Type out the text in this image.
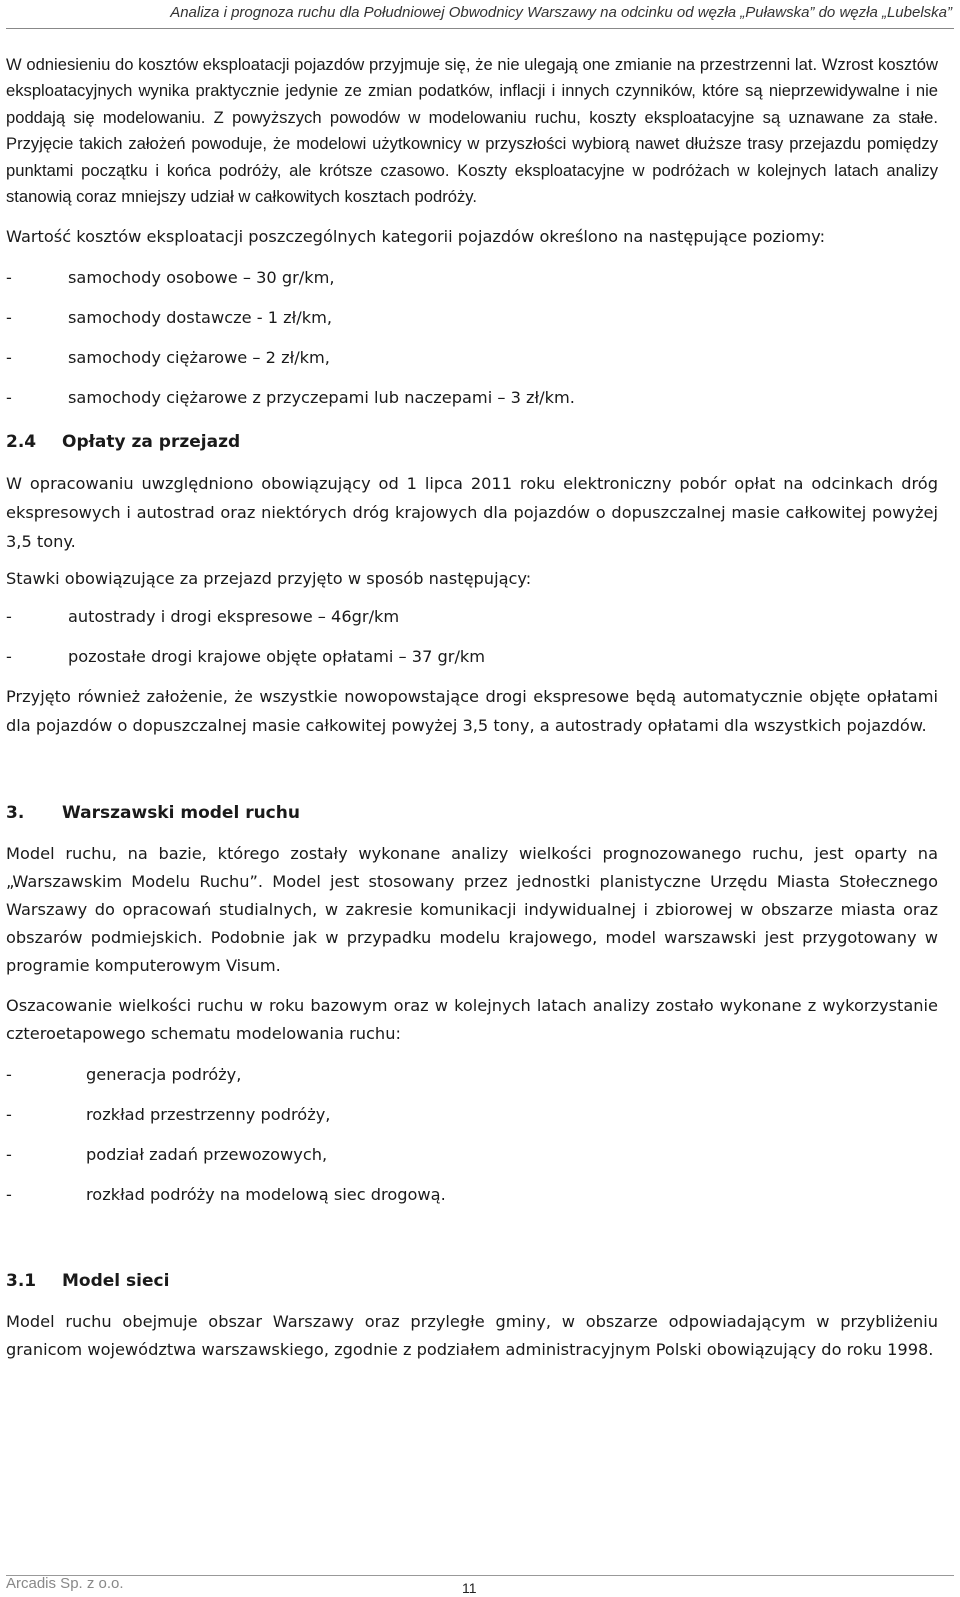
Analiza i prognoza ruchu dla Południowej Obwodnicy Warszawy na odcinku od węzła „Puławska” do węzła „Lubelska”

W odniesieniu do kosztów eksploatacji pojazdów przyjmuje się, że nie ulegają one zmianie na przestrzenni lat. Wzrost kosztów eksploatacyjnych wynika praktycznie jedynie ze zmian podatków, inflacji i innych czynników, które są nieprzewidywalne i nie poddają się modelowaniu. Z powyższych powodów w modelowaniu ruchu, koszty eksploatacyjne są uznawane za stałe. Przyjęcie takich założeń powoduje, że modelowi użytkownicy w przyszłości wybiorą nawet dłuższe trasy przejazdu pomiędzy punktami początku i końca podróży, ale krótsze czasowo. Koszty eksploatacyjne w podróżach w kolejnych latach analizy stanowią coraz mniejszy udział w całkowitych kosztach podróży.

Wartość kosztów eksploatacji poszczególnych kategorii pojazdów określono na następujące poziomy:

-	samochody osobowe – 30 gr/km,
-	samochody dostawcze - 1 zł/km,
-	samochody ciężarowe – 2 zł/km,
-	samochody ciężarowe z przyczepami lub naczepami – 3 zł/km.
2.4	Opłaty za przejazd

W opracowaniu uwzględniono obowiązujący od 1 lipca 2011 roku elektroniczny pobór opłat na odcinkach dróg ekspresowych i autostrad oraz niektórych dróg krajowych dla pojazdów o dopuszczalnej masie całkowitej powyżej 3,5 tony.

Stawki obowiązujące za przejazd przyjęto w sposób następujący:

-	autostrady i drogi ekspresowe – 46gr/km
-	pozostałe drogi krajowe objęte opłatami – 37 gr/km

Przyjęto również założenie, że wszystkie nowopowstające drogi ekspresowe będą automatycznie objęte opłatami dla pojazdów o dopuszczalnej masie całkowitej powyżej 3,5 tony, a autostrady opłatami dla wszystkich pojazdów.

3.	Warszawski model ruchu

Model ruchu, na bazie, którego zostały wykonane analizy wielkości prognozowanego ruchu, jest oparty na „Warszawskim Modelu Ruchu”. Model jest stosowany przez jednostki planistyczne Urzędu Miasta Stołecznego Warszawy do opracowań studialnych, w zakresie komunikacji indywidualnej i zbiorowej w obszarze miasta oraz obszarów podmiejskich. Podobnie jak w przypadku modelu krajowego, model warszawski jest przygotowany w programie komputerowym Visum.

Oszacowanie wielkości ruchu w roku bazowym oraz w kolejnych latach analizy zostało wykonane z wykorzystanie czteroetapowego schematu modelowania ruchu:

-	generacja podróży,
-	rozkład przestrzenny podróży,
-	podział zadań przewozowych,
-	rozkład podróży na modelową siec drogową.
3.1	Model sieci

Model ruchu obejmuje obszar Warszawy oraz przyległe gminy, w obszarze odpowiadającym w przybliżeniu granicom województwa warszawskiego, zgodnie z podziałem administracyjnym Polski obowiązujący do roku 1998.

Arcadis Sp. z o.o.	11
